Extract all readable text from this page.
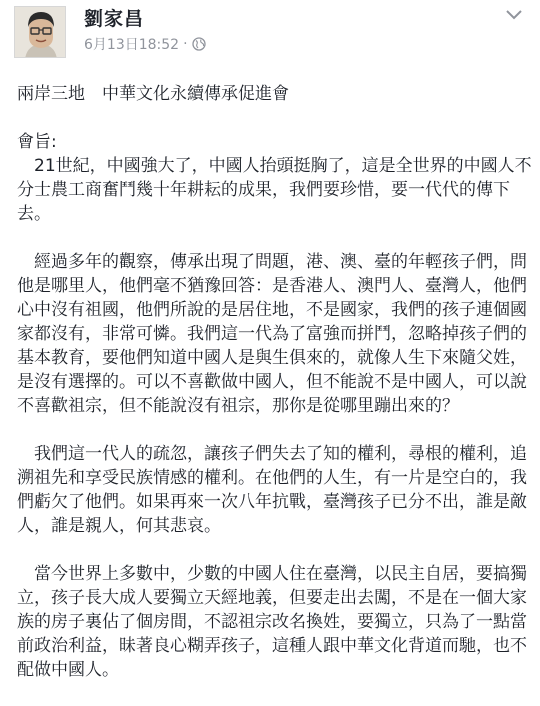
劉家昌
6月13日18:52 ·

兩岸三地　中華文化永續傳承促進會

會旨:

　21世紀，中國強大了，中國人抬頭挺胸了，這是全世界的中國人不分士農工商奮鬥幾十年耕耘的成果，我們要珍惜，要一代代的傳下去。

　經過多年的觀察，傳承出現了問題，港、澳、臺的年輕孩子們，問他是哪里人，他們毫不猶豫回答：是香港人、澳門人、臺灣人，他們心中沒有祖國，他們所說的是居住地，不是國家，我們的孩子連個國家都沒有，非常可憐。我們這一代為了富強而拼鬥，忽略掉孩子們的基本教育，要他們知道中國人是與生俱來的，就像人生下來隨父姓，是沒有選擇的。可以不喜歡做中國人，但不能說不是中國人，可以說不喜歡祖宗，但不能說沒有祖宗，那你是從哪里蹦出來的？

　我們這一代人的疏忽，讓孩子們失去了知的權利，尋根的權利，追溯祖先和享受民族情感的權利。在他們的人生，有一片是空白的，我們虧欠了他們。如果再來一次八年抗戰，臺灣孩子已分不出，誰是敵人，誰是親人，何其悲哀。

　當今世界上多數中，少數的中國人住在臺灣，以民主自居，要搞獨立，孩子長大成人要獨立天經地義，但要走出去闖，不是在一個大家族的房子裏佔了個房間，不認祖宗改名換姓，要獨立，只為了一點當前政治利益，昧著良心糊弄孩子，這種人跟中華文化背道而馳，也不配做中國人。
